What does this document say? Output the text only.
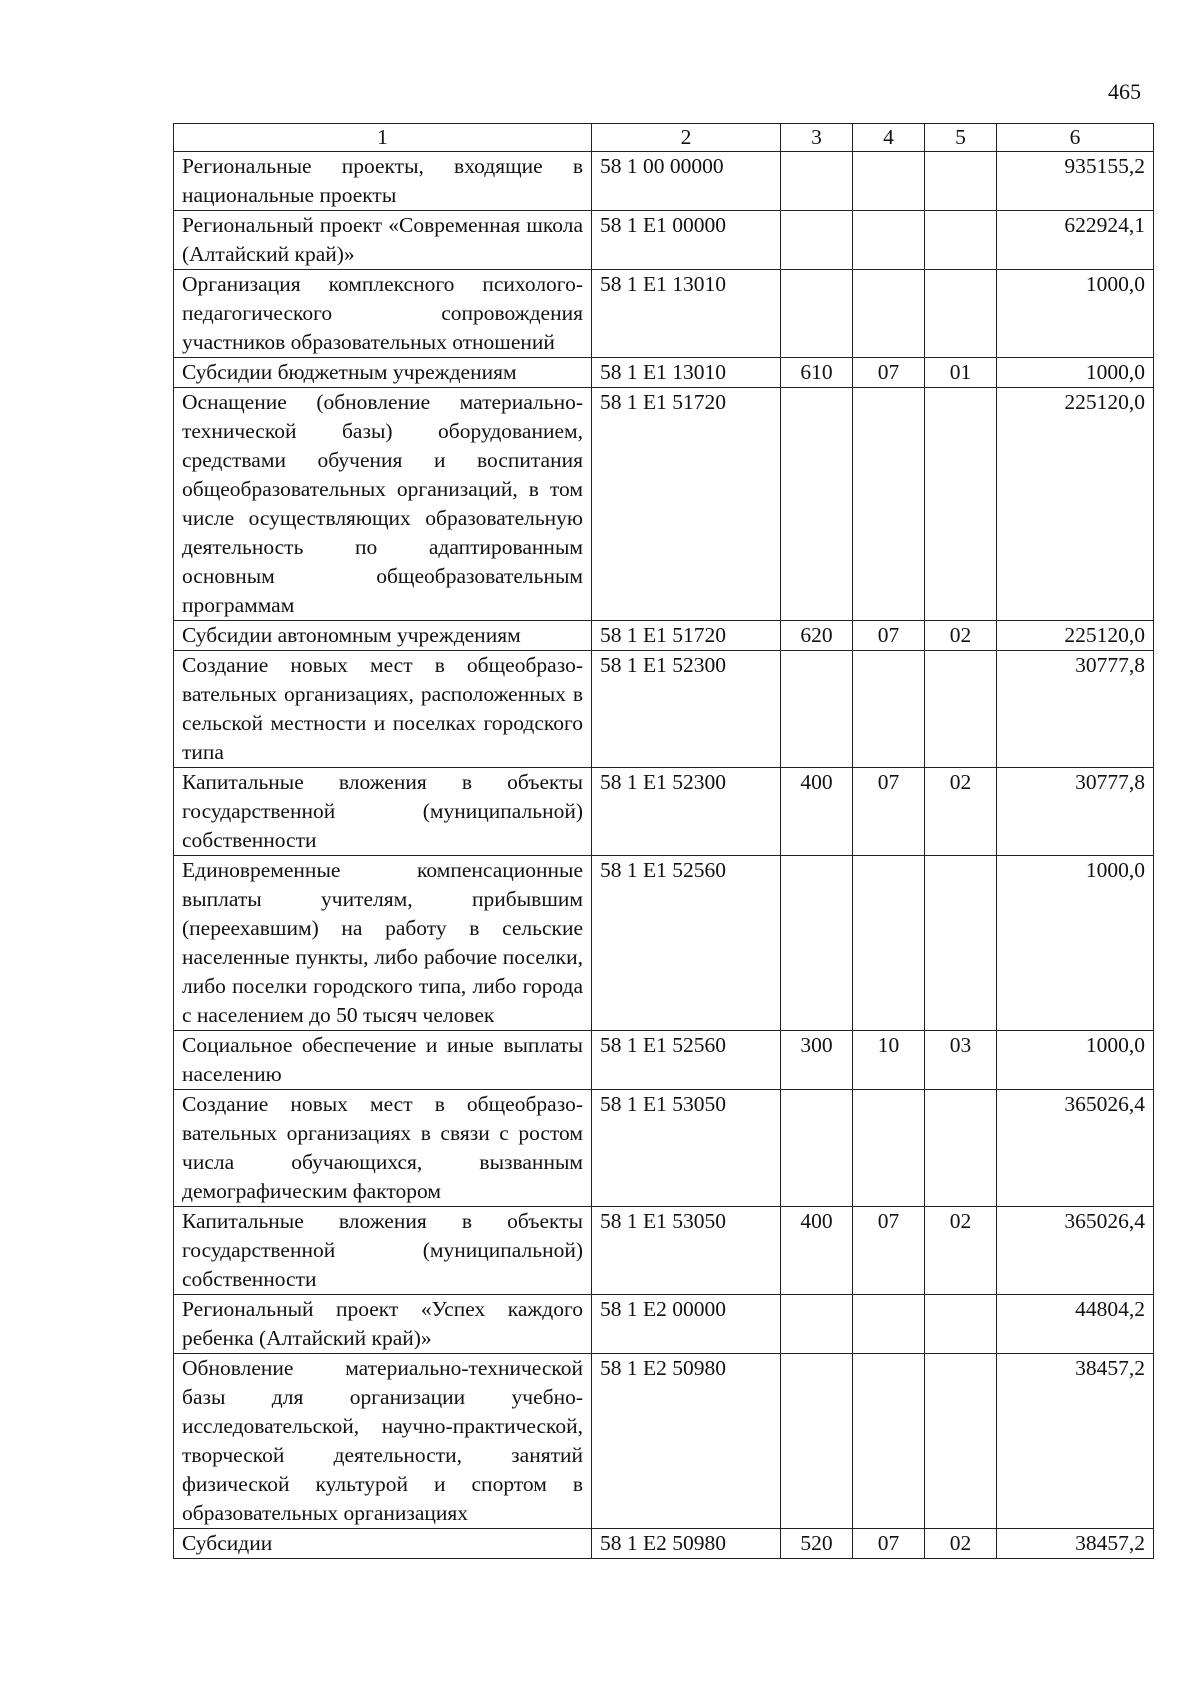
465
1	2	3	4	5	6
Региональные проекты, входящие в национальные проекты	58 1 00 00000				935155,2
Региональный проект «Современная школа (Алтайский край)»	58 1 E1 00000				622924,1
Организация комплексного психолого-педагогического сопровождения участников образовательных отношений	58 1 E1 13010				1000,0
Субсидии бюджетным учреждениям	58 1 E1 13010	610	07	01	1000,0
Оснащение (обновление материально-технической базы) оборудованием, средствами обучения и воспитания общеобразовательных организаций, в том числе осуществляющих образовательную деятельность по адаптированным основным общеобразовательным программам	58 1 E1 51720				225120,0
Субсидии автономным учреждениям	58 1 E1 51720	620	07	02	225120,0
Создание новых мест в общеобразовательных организациях, расположенных в сельской местности и поселках городского типа	58 1 E1 52300				30777,8
Капитальные вложения в объекты государственной (муниципальной) собственности	58 1 E1 52300	400	07	02	30777,8
Единовременные компенсационные выплаты учителям, прибывшим (переехавшим) на работу в сельские населенные пункты, либо рабочие поселки, либо поселки городского типа, либо города с населением до 50 тысяч человек	58 1 E1 52560				1000,0
Социальное обеспечение и иные выплаты населению	58 1 E1 52560	300	10	03	1000,0
Создание новых мест в общеобразовательных организациях в связи с ростом числа обучающихся, вызванным демографическим фактором	58 1 E1 53050				365026,4
Капитальные вложения в объекты государственной (муниципальной) собственности	58 1 E1 53050	400	07	02	365026,4
Региональный проект «Успех каждого ребенка (Алтайский край)»	58 1 E2 00000				44804,2
Обновление материально-технической базы для организации учебно-исследовательской, научно-практической, творческой деятельности, занятий физической культурой и спортом в образовательных организациях	58 1 E2 50980				38457,2
Субсидии	58 1 E2 50980	520	07	02	38457,2
